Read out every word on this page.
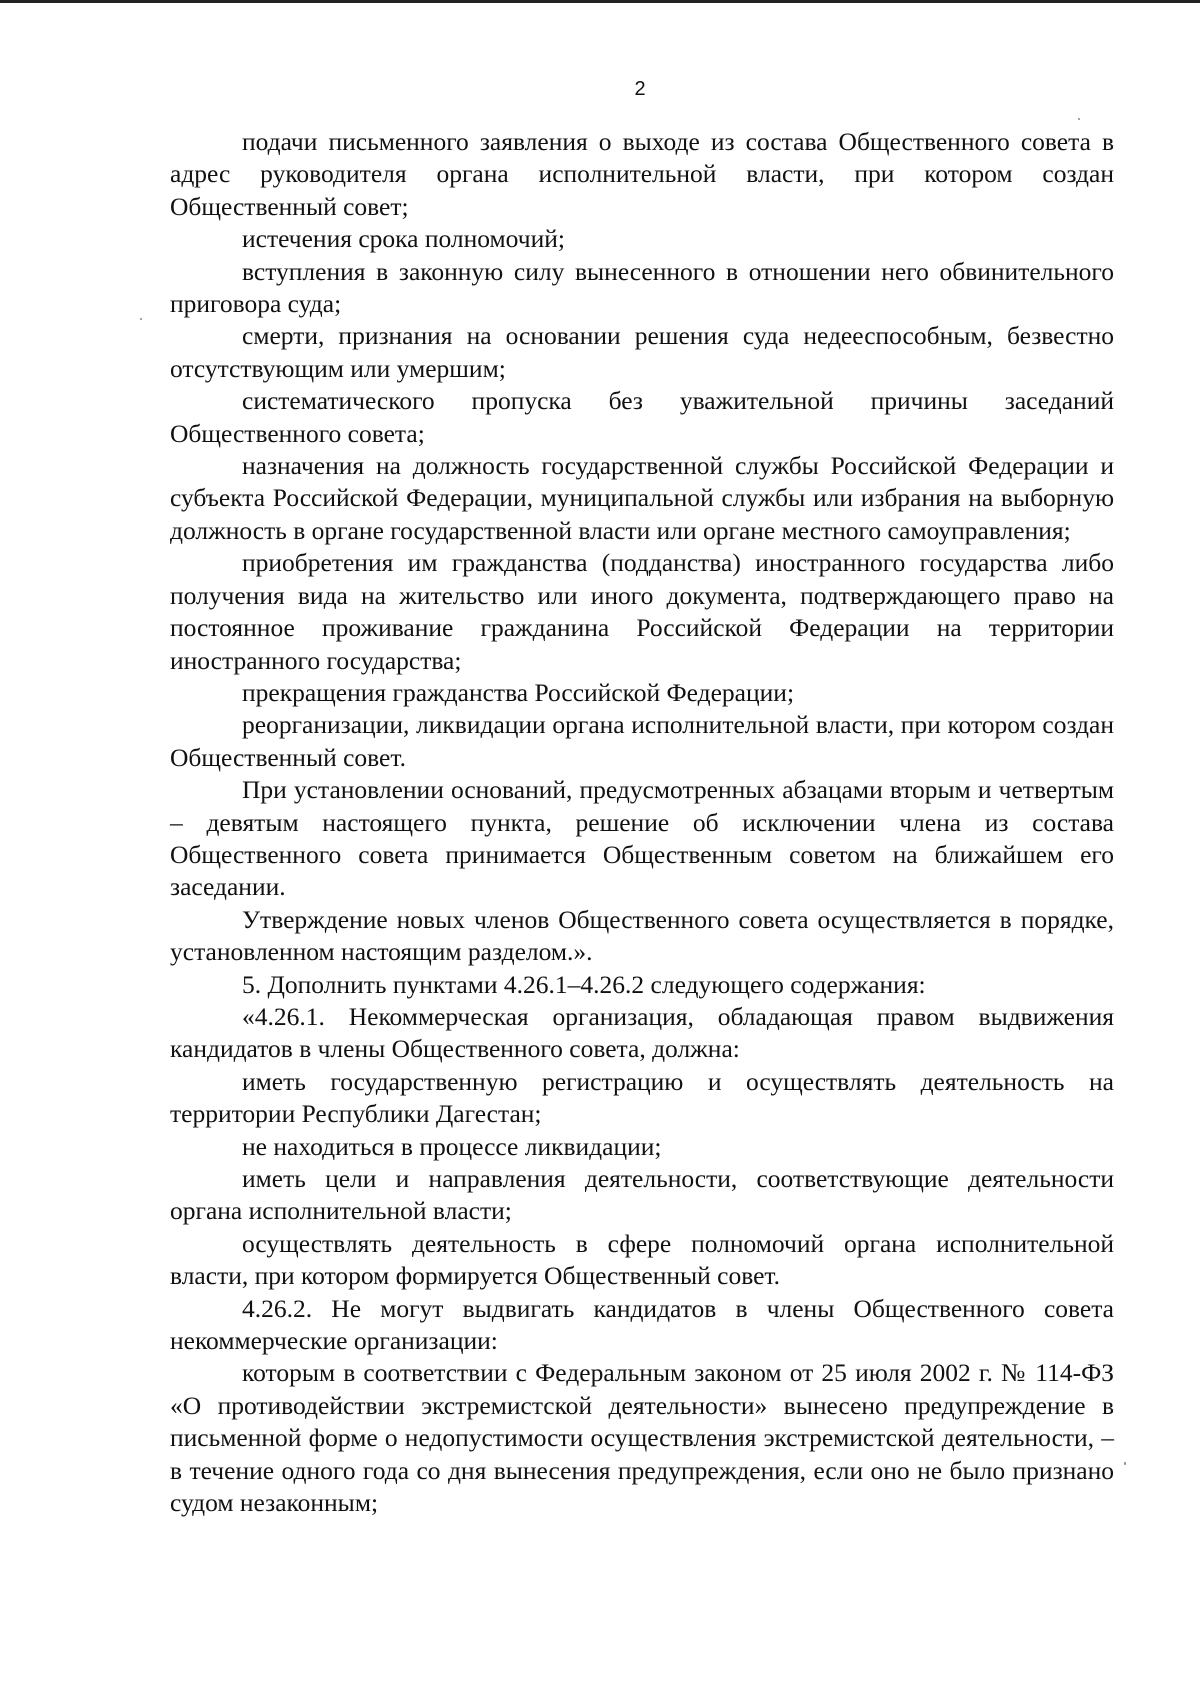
2

подачи письменного заявления о выходе из состава Общественного совета в адрес руководителя органа исполнительной власти, при котором создан Общественный совет;

истечения срока полномочий;

вступления в законную силу вынесенного в отношении него обвинительного приговора суда;

смерти, признания на основании решения суда недееспособным, безвестно отсутствующим или умершим;

систематического пропуска без уважительной причины заседаний Общественного совета;

назначения на должность государственной службы Российской Федерации и субъекта Российской Федерации, муниципальной службы или избрания на выборную должность в органе государственной власти или органе местного самоуправления;

приобретения им гражданства (подданства) иностранного государства либо получения вида на жительство или иного документа, подтверждающего право на постоянное проживание гражданина Российской Федерации на территории иностранного государства;

прекращения гражданства Российской Федерации;

реорганизации, ликвидации органа исполнительной власти, при котором создан Общественный совет.

При установлении оснований, предусмотренных абзацами вторым и четвертым – девятым настоящего пункта, решение об исключении члена из состава Общественного совета принимается Общественным советом на ближайшем его заседании.

Утверждение новых членов Общественного совета осуществляется в порядке, установленном настоящим разделом.».

5. Дополнить пунктами 4.26.1–4.26.2 следующего содержания:

«4.26.1. Некоммерческая организация, обладающая правом выдвижения кандидатов в члены Общественного совета, должна:

иметь государственную регистрацию и осуществлять деятельность на территории Республики Дагестан;

не находиться в процессе ликвидации;

иметь цели и направления деятельности, соответствующие деятельности органа исполнительной власти;

осуществлять деятельность в сфере полномочий органа исполнительной власти, при котором формируется Общественный совет.

4.26.2. Не могут выдвигать кандидатов в члены Общественного совета некоммерческие организации:

которым в соответствии с Федеральным законом от 25 июля 2002 г. № 114-ФЗ «О противодействии экстремистской деятельности» вынесено предупреждение в письменной форме о недопустимости осуществления экстремистской деятельности, – в течение одного года со дня вынесения предупреждения, если оно не было признано судом незаконным;
